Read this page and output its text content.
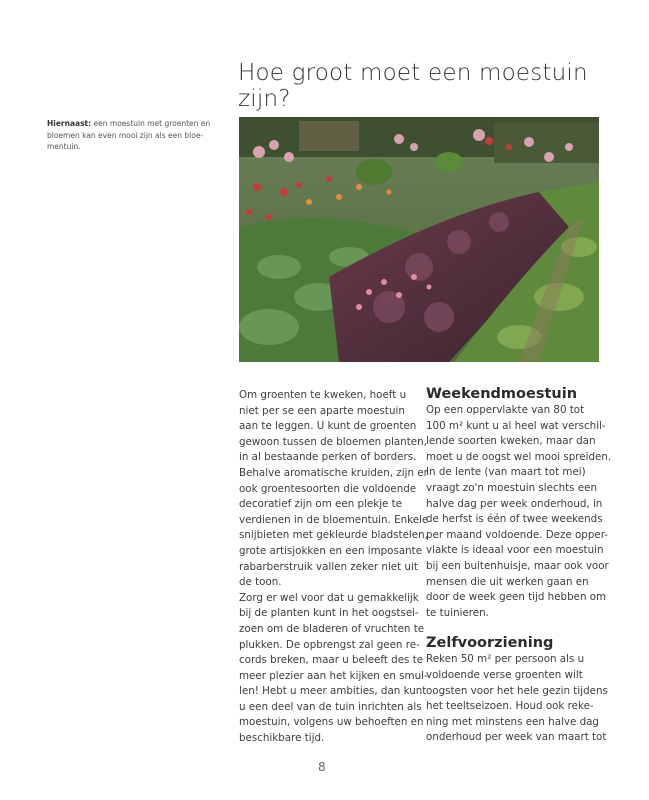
Hoe groot moet een moestuin zijn?
Hiernaast: een moestuin met groenten en
bloemen kan even mooi zijn als een bloe-
mentuin.
Om groenten te kweken, hoeft u
niet per se een aparte moestuin
aan te leggen. U kunt de groenten
gewoon tussen de bloemen planten,
in al bestaande perken of borders.
Behalve aromatische kruiden, zijn er
ook groentesoorten die voldoende
decoratief zijn om een plekje te
verdienen in de bloementuin. Enkele
snijbieten met gekleurde bladstelen,
grote artisjokken en een imposante
rabarberstruik vallen zeker niet uit
de toon.
Zorg er wel voor dat u gemakkelijk
bij de planten kunt in het oogstsei-
zoen om de bladeren of vruchten te
plukken. De opbrengst zal geen re-
cords breken, maar u beleeft des te
meer plezier aan het kijken en smul-
len! Hebt u meer ambities, dan kunt
u een deel van de tuin inrichten als
moestuin, volgens uw behoeften en
beschikbare tijd.
Weekendmoestuin
Op een oppervlakte van 80 tot
100 m² kunt u al heel wat verschil-
lende soorten kweken, maar dan
moet u de oogst wel mooi spreiden.
In de lente (van maart tot mei)
vraagt zo'n moestuin slechts een
halve dag per week onderhoud, in
de herfst is één of twee weekends
per maand voldoende. Deze opper-
vlakte is ideaal voor een moestuin
bij een buitenhuisje, maar ook voor
mensen die uit werken gaan en
door de week geen tijd hebben om
te tuinieren.
Zelfvoorziening
Reken 50 m² per persoon als u
voldoende verse groenten wilt
oogsten voor het hele gezin tijdens
het teeltseizoen. Houd ook reke-
ning met minstens een halve dag
onderhoud per week van maart tot
8
